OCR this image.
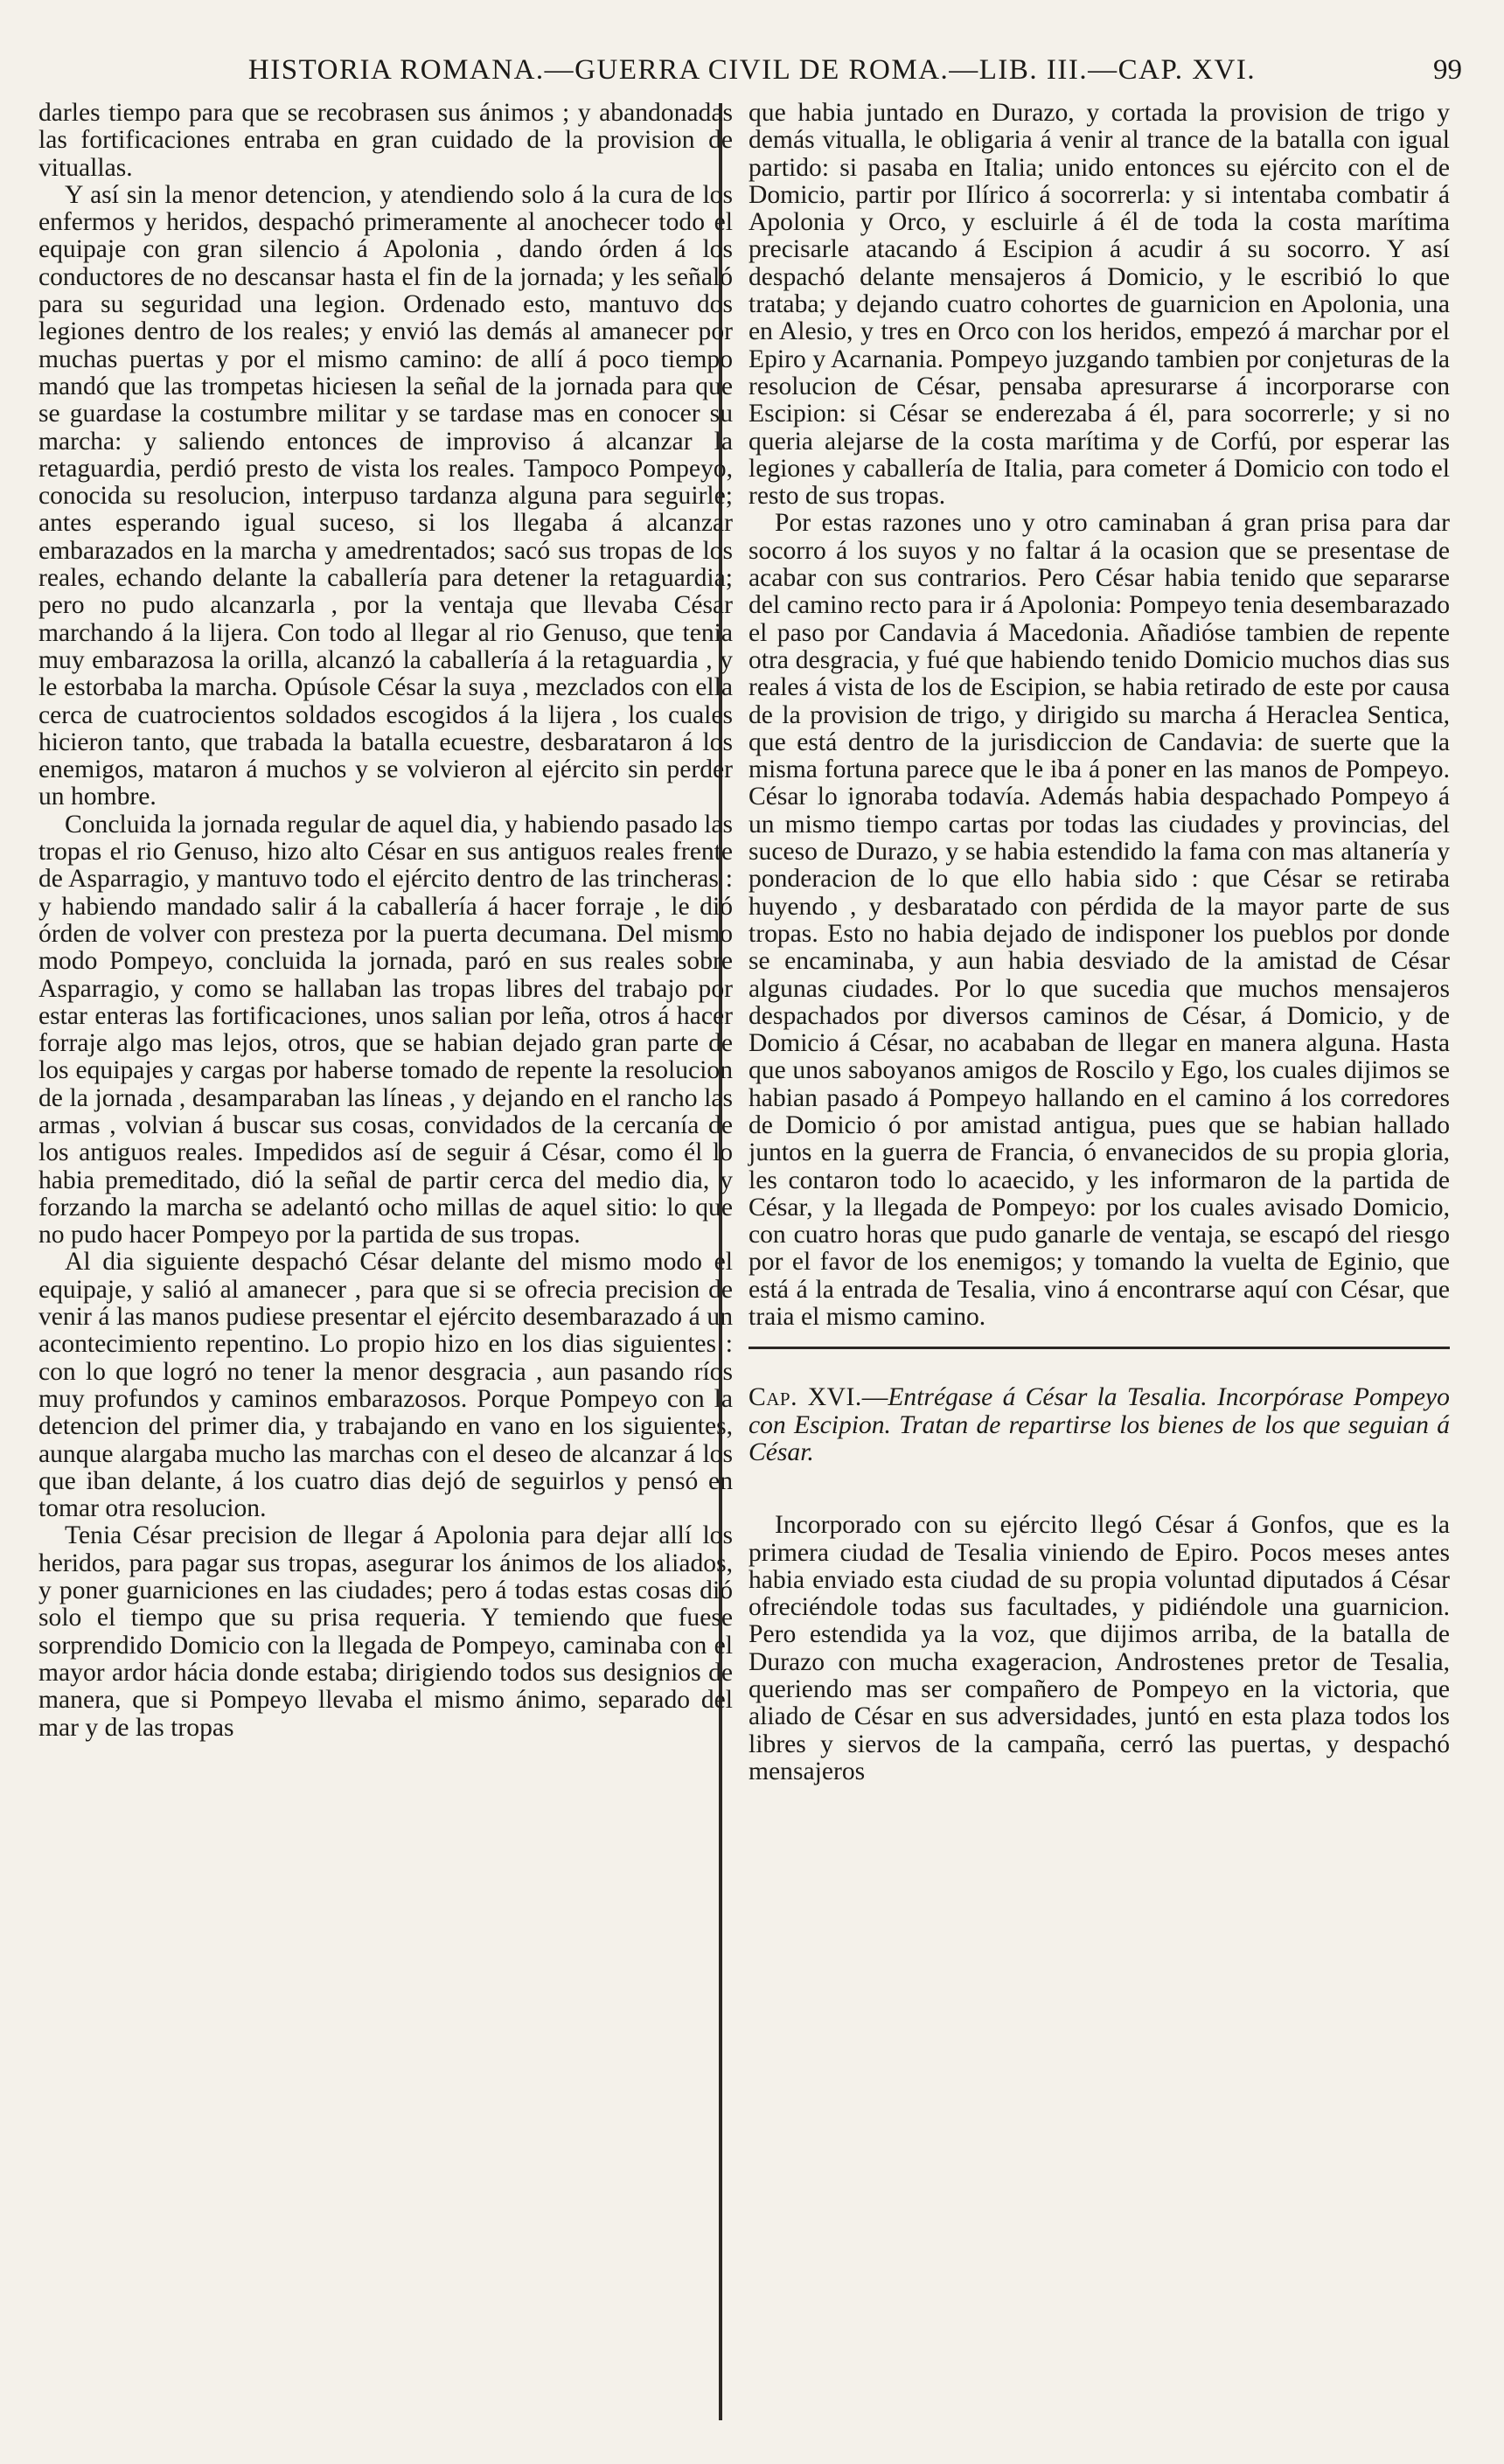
HISTORIA ROMANA.—GUERRA CIVIL DE ROMA.—LIB. III.—CAP. XVI.	99

darles tiempo para que se recobrasen sus ánimos ; y abandonadas las fortificaciones entraba en gran cuidado de la provision de vituallas.

Y así sin la menor detencion, y atendiendo solo á la cura de los enfermos y heridos, despachó primeramente al anochecer todo el equipaje con gran silencio á Apolonia , dando órden á los conductores de no descansar hasta el fin de la jornada; y les señaló para su seguridad una legion. Ordenado esto, mantuvo dos legiones dentro de los reales; y envió las demás al amanecer por muchas puertas y por el mismo camino: de allí á poco tiempo mandó que las trompetas hiciesen la señal de la jornada para que se guardase la costumbre militar y se tardase mas en conocer su marcha: y saliendo entonces de improviso á alcanzar la retaguardia, perdió presto de vista los reales. Tampoco Pompeyo, conocida su resolucion, interpuso tardanza alguna para seguirle; antes esperando igual suceso, si los llegaba á alcanzar embarazados en la marcha y amedrentados; sacó sus tropas de los reales, echando delante la caballería para detener la retaguardia; pero no pudo alcanzarla , por la ventaja que llevaba César marchando á la lijera. Con todo al llegar al rio Genuso, que tenia muy embarazosa la orilla, alcanzó la caballería á la retaguardia , y le estorbaba la marcha. Opúsole César la suya , mezclados con ella cerca de cuatrocientos soldados escogidos á la lijera , los cuales hicieron tanto, que trabada la batalla ecuestre, desbarataron á los enemigos, mataron á muchos y se volvieron al ejército sin perder un hombre.

Concluida la jornada regular de aquel dia, y habiendo pasado las tropas el rio Genuso, hizo alto César en sus antiguos reales frente de Asparragio, y mantuvo todo el ejército dentro de las trincheras : y habiendo mandado salir á la caballería á hacer forraje , le dió órden de volver con presteza por la puerta decumana. Del mismo modo Pompeyo, concluida la jornada, paró en sus reales sobre Asparragio, y como se hallaban las tropas libres del trabajo por estar enteras las fortificaciones, unos salian por leña, otros á hacer forraje algo mas lejos, otros, que se habian dejado gran parte de los equipajes y cargas por haberse tomado de repente la resolucion de la jornada , desamparaban las líneas , y dejando en el rancho las armas , volvian á buscar sus cosas, convidados de la cercanía de los antiguos reales. Impedidos así de seguir á César, como él lo habia premeditado, dió la señal de partir cerca del medio dia, y forzando la marcha se adelantó ocho millas de aquel sitio: lo que no pudo hacer Pompeyo por la partida de sus tropas.

Al dia siguiente despachó César delante del mismo modo el equipaje, y salió al amanecer , para que si se ofrecia precision de venir á las manos pudiese presentar el ejército desembarazado á un acontecimiento repentino. Lo propio hizo en los dias siguientes : con lo que logró no tener la menor desgracia , aun pasando ríos muy profundos y caminos embarazosos. Porque Pompeyo con la detencion del primer dia, y trabajando en vano en los siguientes, aunque alargaba mucho las marchas con el deseo de alcanzar á los que iban delante, á los cuatro dias dejó de seguirlos y pensó en tomar otra resolucion.

Tenia César precision de llegar á Apolonia para dejar allí los heridos, para pagar sus tropas, asegurar los ánimos de los aliados, y poner guarniciones en las ciudades; pero á todas estas cosas dió solo el tiempo que su prisa requeria. Y temiendo que fuese sorprendido Domicio con la llegada de Pompeyo, caminaba con el mayor ardor hácia donde estaba; dirigiendo todos sus designios de manera, que si Pompeyo llevaba el mismo ánimo, separado del mar y de las tropas

que habia juntado en Durazo, y cortada la provision de trigo y demás vitualla, le obligaria á venir al trance de la batalla con igual partido: si pasaba en Italia; unido entonces su ejército con el de Domicio, partir por Ilírico á socorrerla: y si intentaba combatir á Apolonia y Orco, y escluirle á él de toda la costa marítima precisarle atacando á Escipion á acudir á su socorro. Y así despachó delante mensajeros á Domicio, y le escribió lo que trataba; y dejando cuatro cohortes de guarnicion en Apolonia, una en Alesio, y tres en Orco con los heridos, empezó á marchar por el Epiro y Acarnania. Pompeyo juzgando tambien por conjeturas de la resolucion de César, pensaba apresurarse á incorporarse con Escipion: si César se enderezaba á él, para socorrerle; y si no queria alejarse de la costa marítima y de Corfú, por esperar las legiones y caballería de Italia, para cometer á Domicio con todo el resto de sus tropas.

Por estas razones uno y otro caminaban á gran prisa para dar socorro á los suyos y no faltar á la ocasion que se presentase de acabar con sus contrarios. Pero César habia tenido que separarse del camino recto para ir á Apolonia: Pompeyo tenia desembarazado el paso por Candavia á Macedonia. Añadióse tambien de repente otra desgracia, y fué que habiendo tenido Domicio muchos dias sus reales á vista de los de Escipion, se habia retirado de este por causa de la provision de trigo, y dirigido su marcha á Heraclea Sentica, que está dentro de la jurisdiccion de Candavia: de suerte que la misma fortuna parece que le iba á poner en las manos de Pompeyo. César lo ignoraba todavía. Además habia despachado Pompeyo á un mismo tiempo cartas por todas las ciudades y provincias, del suceso de Durazo, y se habia estendido la fama con mas altanería y ponderacion de lo que ello habia sido : que César se retiraba huyendo , y desbaratado con pérdida de la mayor parte de sus tropas. Esto no habia dejado de indisponer los pueblos por donde se encaminaba, y aun habia desviado de la amistad de César algunas ciudades. Por lo que sucedia que muchos mensajeros despachados por diversos caminos de César, á Domicio, y de Domicio á César, no acababan de llegar en manera alguna. Hasta que unos saboyanos amigos de Roscilo y Ego, los cuales dijimos se habian pasado á Pompeyo hallando en el camino á los corredores de Domicio ó por amistad antigua, pues que se habian hallado juntos en la guerra de Francia, ó envanecidos de su propia gloria, les contaron todo lo acaecido, y les informaron de la partida de César, y la llegada de Pompeyo: por los cuales avisado Domicio, con cuatro horas que pudo ganarle de ventaja, se escapó del riesgo por el favor de los enemigos; y tomando la vuelta de Eginio, que está á la entrada de Tesalia, vino á encontrarse aquí con César, que traia el mismo camino.

Cap. XVI.—Entrégase á César la Tesalia. Incorpórase Pompeyo con Escipion. Tratan de repartirse los bienes de los que seguian á César.

Incorporado con su ejército llegó César á Gonfos, que es la primera ciudad de Tesalia viniendo de Epiro. Pocos meses antes habia enviado esta ciudad de su propia voluntad diputados á César ofreciéndole todas sus facultades, y pidiéndole una guarnicion. Pero estendida ya la voz, que dijimos arriba, de la batalla de Durazo con mucha exageracion, Androstenes pretor de Tesalia, queriendo mas ser compañero de Pompeyo en la victoria, que aliado de César en sus adversidades, juntó en esta plaza todos los libres y siervos de la campaña, cerró las puertas, y despachó mensajeros
